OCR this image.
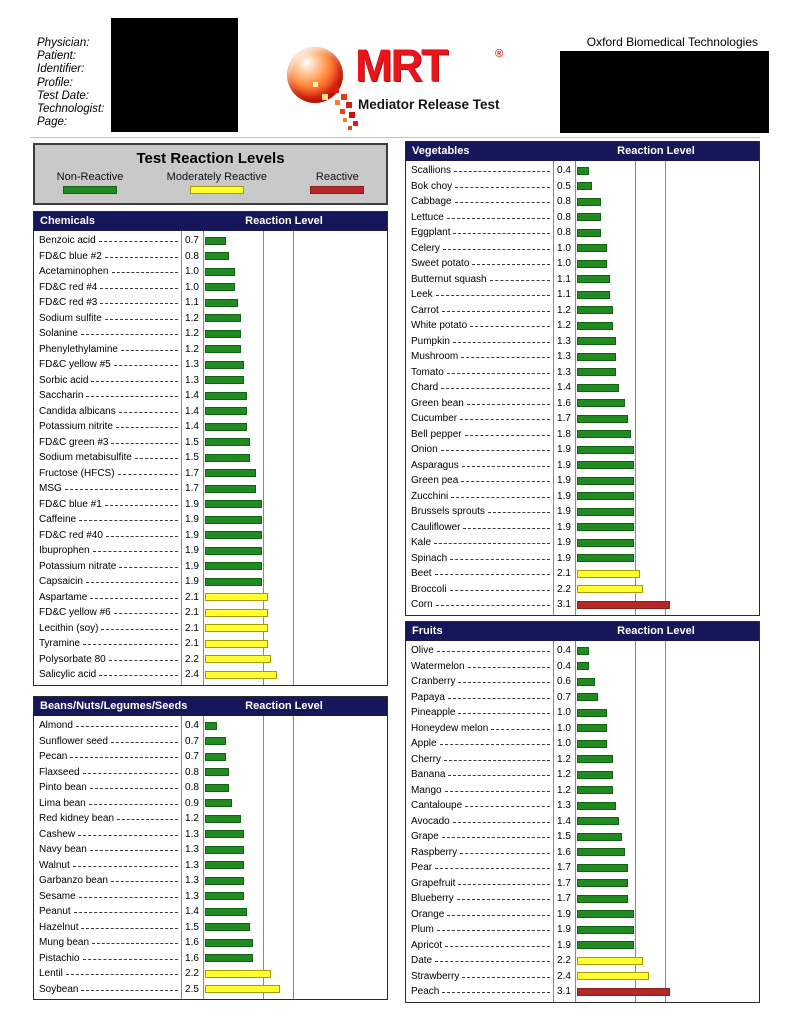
Physician:
Patient:
Identifier:
Profile:
Test Date:
Technologist:
Page:
Oxford Biomedical Technologies
MRT	®
Mediator Release Test
Test Reaction Levels
Non-Reactive	Moderately Reactive	Reactive
Chemicals	Reaction Level
Benzoic acid	0.7
FD&C blue #2	0.8
Acetaminophen	1.0
FD&C red #4	1.0
FD&C red #3	1.1
Sodium sulfite	1.2
Solanine	1.2
Phenylethylamine	1.2
FD&C yellow #5	1.3
Sorbic acid	1.3
Saccharin	1.4
Candida albicans	1.4
Potassium nitrite	1.4
FD&C green #3	1.5
Sodium metabisulfite	1.5
Fructose (HFCS)	1.7
MSG	1.7
FD&C blue #1	1.9
Caffeine	1.9
FD&C red #40	1.9
Ibuprophen	1.9
Potassium nitrate	1.9
Capsaicin	1.9
Aspartame	2.1
FD&C yellow #6	2.1
Lecithin (soy)	2.1
Tyramine	2.1
Polysorbate 80	2.2
Salicylic acid	2.4
Beans/Nuts/Legumes/Seeds	Reaction Level
Almond	0.4
Sunflower seed	0.7
Pecan	0.7
Flaxseed	0.8
Pinto bean	0.8
Lima bean	0.9
Red kidney bean	1.2
Cashew	1.3
Navy bean	1.3
Walnut	1.3
Garbanzo bean	1.3
Sesame	1.3
Peanut	1.4
Hazelnut	1.5
Mung bean	1.6
Pistachio	1.6
Lentil	2.2
Soybean	2.5
Vegetables	Reaction Level
Scallions	0.4
Bok choy	0.5
Cabbage	0.8
Lettuce	0.8
Eggplant	0.8
Celery	1.0
Sweet potato	1.0
Butternut squash	1.1
Leek	1.1
Carrot	1.2
White potato	1.2
Pumpkin	1.3
Mushroom	1.3
Tomato	1.3
Chard	1.4
Green bean	1.6
Cucumber	1.7
Bell pepper	1.8
Onion	1.9
Asparagus	1.9
Green pea	1.9
Zucchini	1.9
Brussels sprouts	1.9
Cauliflower	1.9
Kale	1.9
Spinach	1.9
Beet	2.1
Broccoli	2.2
Corn	3.1
Fruits	Reaction Level
Olive	0.4
Watermelon	0.4
Cranberry	0.6
Papaya	0.7
Pineapple	1.0
Honeydew melon	1.0
Apple	1.0
Cherry	1.2
Banana	1.2
Mango	1.2
Cantaloupe	1.3
Avocado	1.4
Grape	1.5
Raspberry	1.6
Pear	1.7
Grapefruit	1.7
Blueberry	1.7
Orange	1.9
Plum	1.9
Apricot	1.9
Date	2.2
Strawberry	2.4
Peach	3.1
